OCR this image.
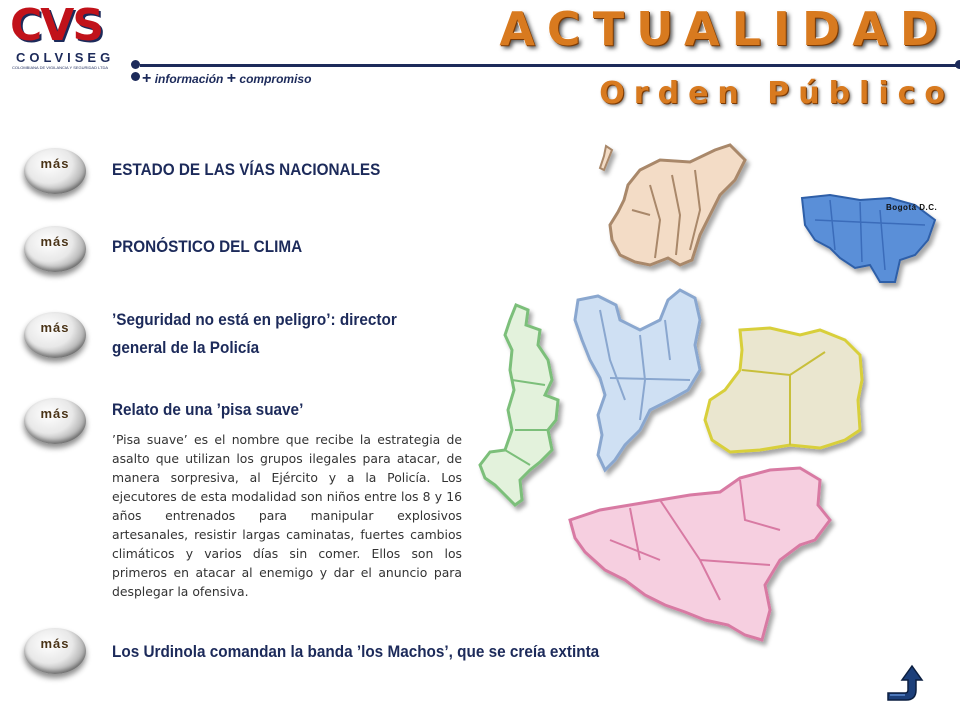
CVS
COLVISEG
COLOMBIANA DE VIGILANCIA Y SEGURIDAD LTDA
+ información + compromiso
ACTUALIDAD
Orden Público
más	ESTADO DE LAS VÍAS NACIONALES
más	PRONÓSTICO DEL CLIMA
más	’Seguridad no está en peligro’: director
general de la Policía
más	Relato de una ’pisa suave’
’Pisa suave’ es el nombre que recibe la estrategia de asalto que utilizan los grupos ilegales para atacar, de manera sorpresiva, al Ejército y a la Policía. Los ejecutores de esta modalidad son niños entre los 8 y 16 años entrenados para manipular explosivos artesanales, resistir largas caminatas, fuertes cambios climáticos y varios días sin comer. Ellos son los primeros en atacar al enemigo y dar el anuncio para desplegar la ofensiva.
más	Los Urdinola comandan la banda ’los Machos’, que se creía extinta
Bogotá D.C.
